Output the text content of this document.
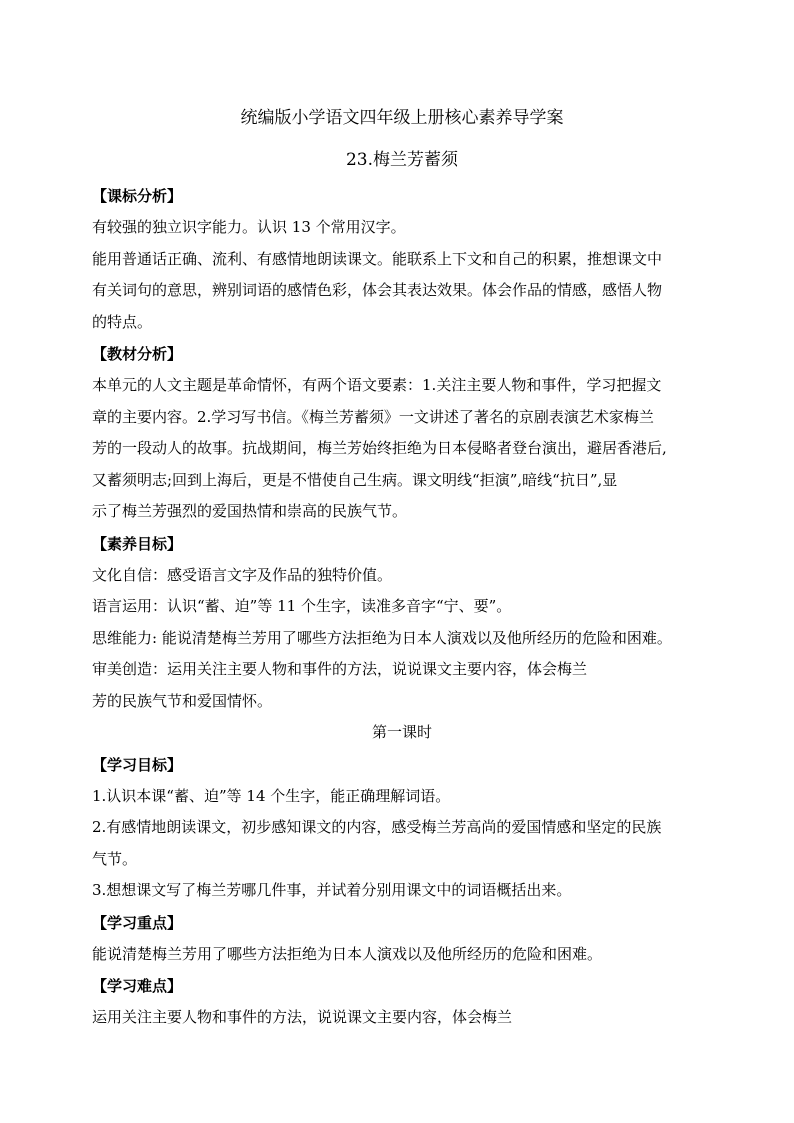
统编版小学语文四年级上册核心素养导学案
23.梅兰芳蓄须
【课标分析】
有较强的独立识字能力。认识 13 个常用汉字。
能用普通话正确、流利、有感情地朗读课文。能联系上下文和自己的积累，推想课文中
有关词句的意思，辨别词语的感情色彩，体会其表达效果。体会作品的情感，感悟人物
的特点。
【教材分析】
本单元的人文主题是革命情怀，有两个语文要素：1.关注主要人物和事件，学习把握文
章的主要内容。2.学习写书信。《梅兰芳蓄须》一文讲述了著名的京剧表演艺术家梅兰
芳的一段动人的故事。抗战期间，梅兰芳始终拒绝为日本侵略者登台演出，避居香港后,
又蓄须明志;回到上海后，更是不惜使自己生病。课文明线“拒演”,暗线“抗日”,显
示了梅兰芳强烈的爱国热情和崇高的民族气节。
【素养目标】
文化自信：感受语言文字及作品的独特价值。
语言运用：认识“蓄、迫”等 11 个生字，读准多音字“宁、要”。
思维能力: 能说清楚梅兰芳用了哪些方法拒绝为日本人演戏以及他所经历的危险和困难。
审美创造：运用关注主要人物和事件的方法，说说课文主要内容，体会梅兰
芳的民族气节和爱国情怀。
第一课时
【学习目标】
1.认识本课“蓄、迫”等 14 个生字，能正确理解词语。
2.有感情地朗读课文，初步感知课文的内容，感受梅兰芳高尚的爱国情感和坚定的民族
气节。
3.想想课文写了梅兰芳哪几件事，并试着分别用课文中的词语概括出来。
【学习重点】
能说清楚梅兰芳用了哪些方法拒绝为日本人演戏以及他所经历的危险和困难。
【学习难点】
运用关注主要人物和事件的方法，说说课文主要内容，体会梅兰
